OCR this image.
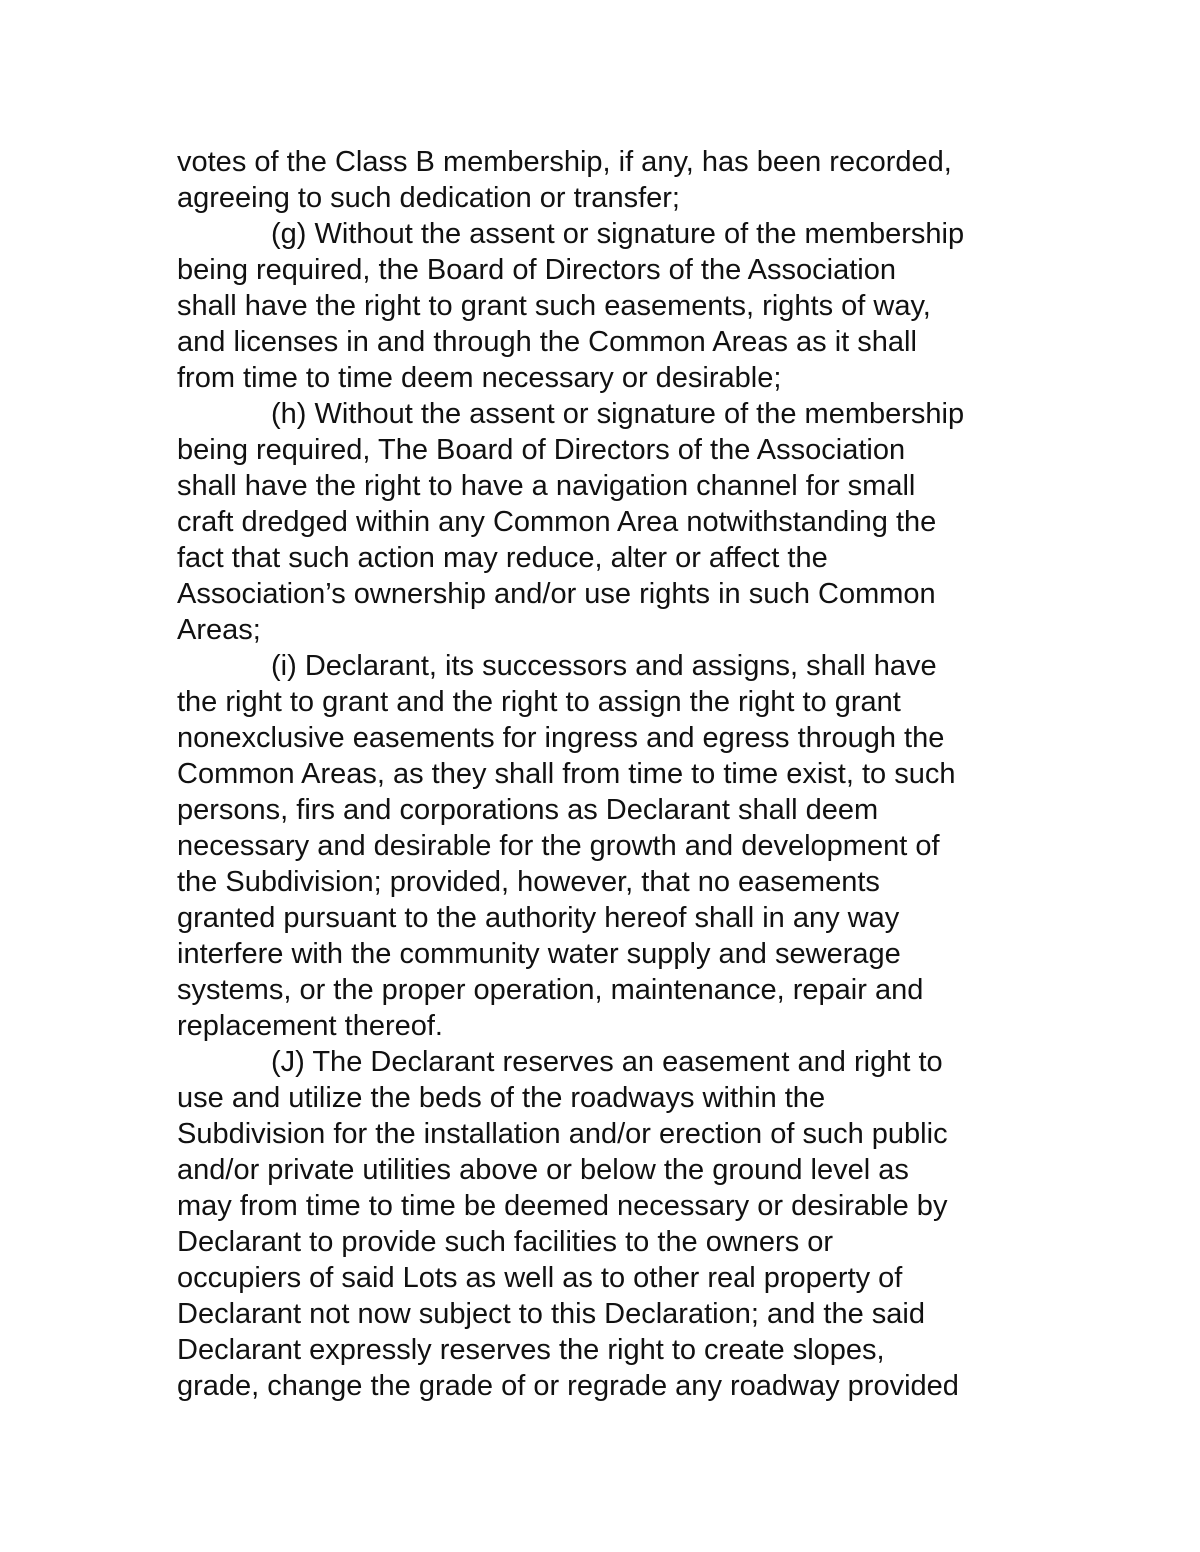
votes of the Class B membership, if any, has been recorded,
agreeing to such dedication or transfer;
(g) Without the assent or signature of the membership
being required, the Board of Directors of the Association
shall have the right to grant such easements, rights of way,
and licenses in and through the Common Areas as it shall
from time to time deem necessary or desirable;
(h) Without the assent or signature of the membership
being required, The Board of Directors of the Association
shall have the right to have a navigation channel for small
craft dredged within any Common Area notwithstanding the
fact that such action may reduce, alter or affect the
Association’s ownership and/or use rights in such Common
Areas;
(i) Declarant, its successors and assigns, shall have
the right to grant and the right to assign the right to grant
nonexclusive easements for ingress and egress through the
Common Areas, as they shall from time to time exist, to such
persons, firs and corporations as Declarant shall deem
necessary and desirable for the growth and development of
the Subdivision; provided, however, that no easements
granted pursuant to the authority hereof shall in any way
interfere with the community water supply and sewerage
systems, or the proper operation, maintenance, repair and
replacement thereof.
(J) The Declarant reserves an easement and right to
use and utilize the beds of the roadways within the
Subdivision for the installation and/or erection of such public
and/or private utilities above or below the ground level as
may from time to time be deemed necessary or desirable by
Declarant to provide such facilities to the owners or
occupiers of said Lots as well as to other real property of
Declarant not now subject to this Declaration; and the said
Declarant expressly reserves the right to create slopes,
grade, change the grade of or regrade any roadway provided
